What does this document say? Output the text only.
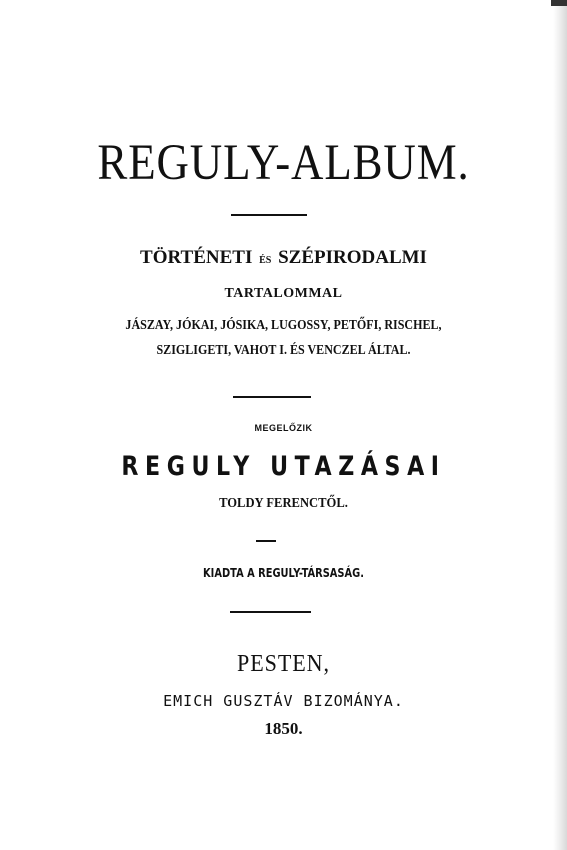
REGULY-ALBUM.
TÖRTÉNETI ÉS SZÉPIRODALMI
TARTALOMMAL
JÁSZAY, JÓKAI, JÓSIKA, LUGOSSY, PETŐFI, RISCHEL,
SZIGLIGETI, VAHOT I. ÉS VENCZEL ÁLTAL.
MEGELŐZIK
REGULY UTAZÁSAI
TOLDY FERENCTŐL.
KIADTA A REGULY-TÁRSASÁG.
PESTEN,
EMICH GUSZTÁV BIZOMÁNYA.
1850.
